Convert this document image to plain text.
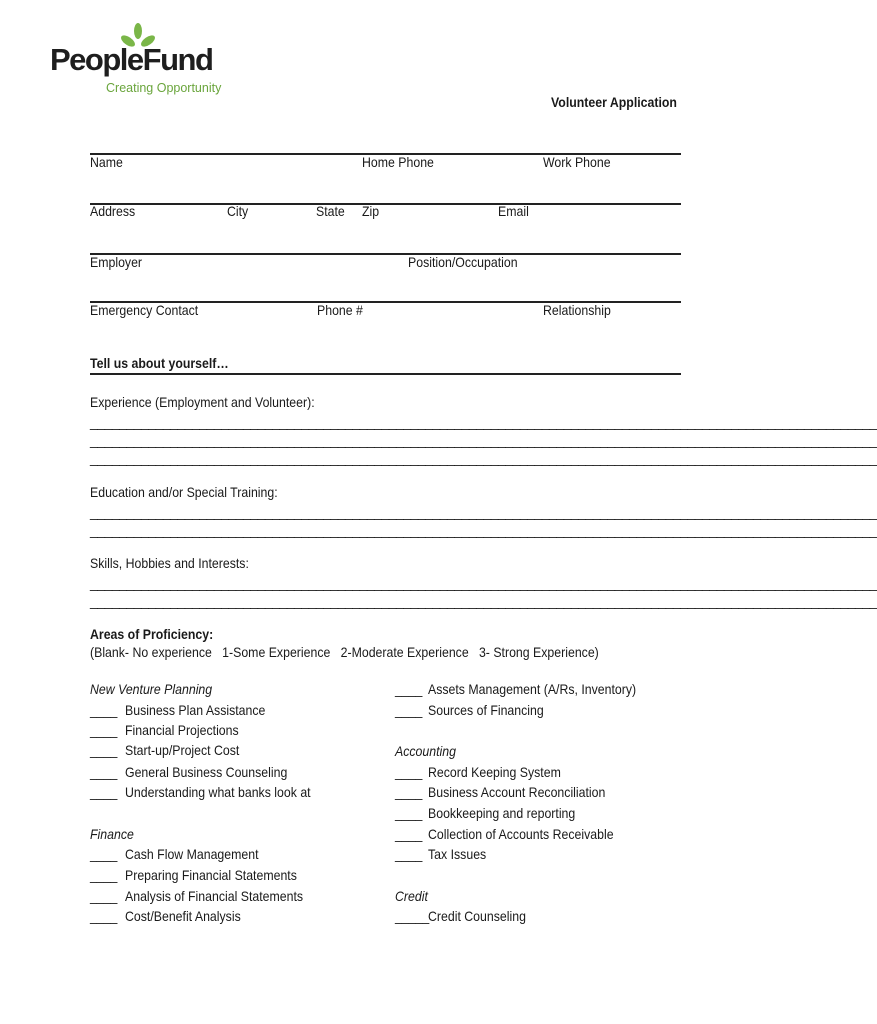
PeopleFund
Creating Opportunity
Volunteer Application
Name	Home Phone	Work Phone
Address	City	State Zip	Email
Employer	Position/Occupation
Emergency Contact	Phone #	Relationship
Tell us about yourself…
Experience (Employment and Volunteer):
____________________________________________________________________________________________________________
____________________________________________________________________________________________________________
____________________________________________________________________________________________________________
Education and/or Special Training:
____________________________________________________________________________________________________________
____________________________________________________________________________________________________________
Skills, Hobbies and Interests:
____________________________________________________________________________________________________________
____________________________________________________________________________________________________________
Areas of Proficiency:
(Blank- No experience   1-Some Experience   2-Moderate Experience   3- Strong Experience)
New Venture Planning
____ Business Plan Assistance
____ Financial Projections
____ Start-up/Project Cost
____ General Business Counseling
____ Understanding what banks look at
Finance
____ Cash Flow Management
____ Preparing Financial Statements
____ Analysis of Financial Statements
____ Cost/Benefit Analysis
____ Assets Management (A/Rs, Inventory)
____ Sources of Financing
Accounting
____ Record Keeping System
____ Business Account Reconciliation
____ Bookkeeping and reporting
____ Collection of Accounts Receivable
____ Tax Issues
Credit
_____
Credit Counseling
